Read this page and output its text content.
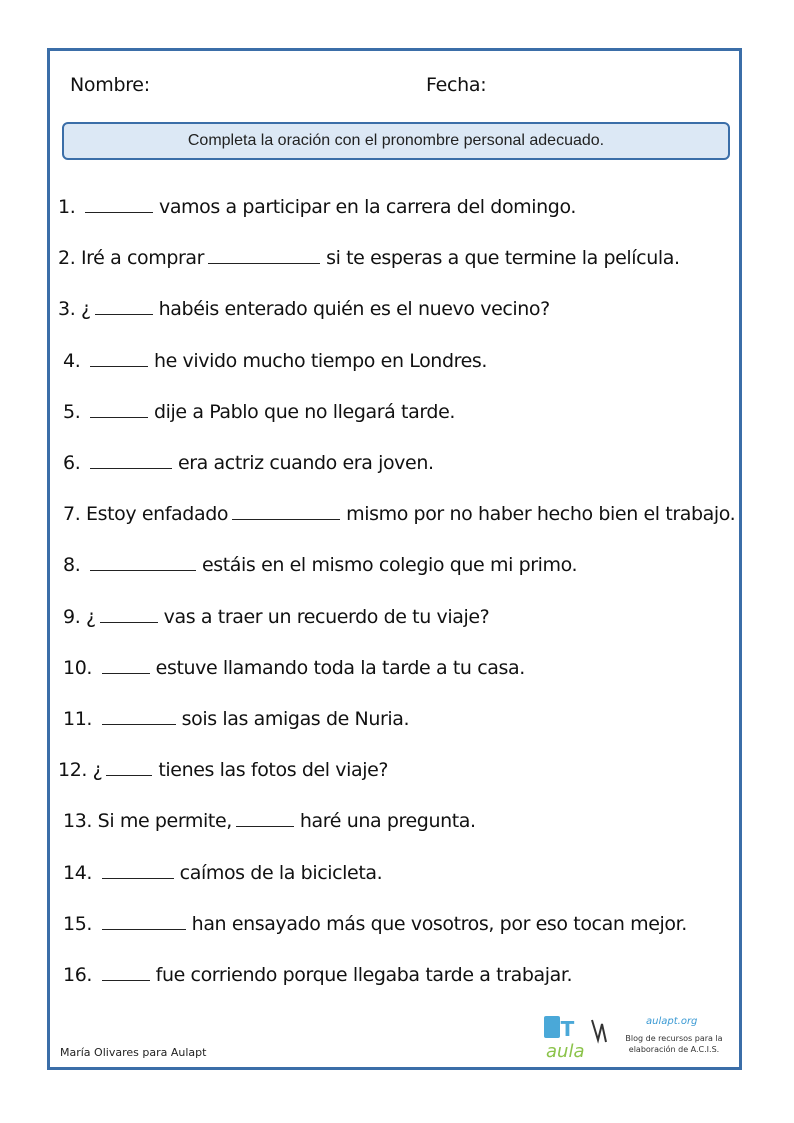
Nombre:	Fecha:
Completa la oración con el pronombre personal adecuado.
1.	vamos a participar en la carrera del domingo.
2. Iré a comprar	si te esperas a que termine la película.
3. ¿	habéis enterado quién es el nuevo vecino?
4.	he vivido mucho tiempo en Londres.
5.	dije a Pablo que no llegará tarde.
6.	era actriz cuando era joven.
7. Estoy enfadado	mismo por no haber hecho bien el trabajo.
8.	estáis en el mismo colegio que mi primo.
9. ¿	vas a traer un recuerdo de tu viaje?
10.	estuve llamando toda la tarde a tu casa.
11.	sois las amigas de Nuria.
12. ¿	tienes las fotos del viaje?
13. Si me permite,	haré una pregunta.
14.	caímos de la bicicleta.
15.	han ensayado más que vosotros, por eso tocan mejor.
16.	fue corriendo porque llegaba tarde a trabajar.
María Olivares para Aulapt
PT
aula
aulapt.org
Blog de recursos para la elaboración de A.C.I.S.
